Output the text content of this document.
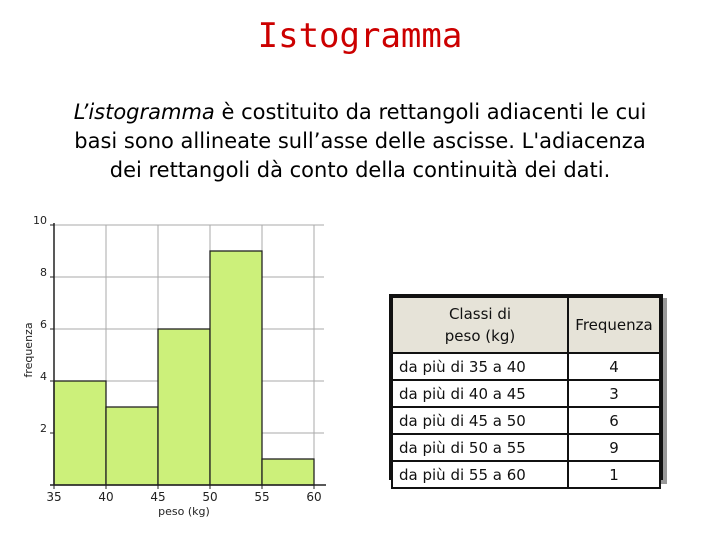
Istogramma
L’istogramma è costituito da rettangoli adiacenti le cui
basi sono allineate sull’asse delle ascisse. L'adiacenza
dei rettangoli dà conto della continuità dei dati.
2
4
6
8
10
35	40	45	50	55	60
peso (kg)
frequenza
Classi di
peso (kg)	Frequenza
da più di 35 a 40	4
da più di 40 a 45	3
da più di 45 a 50	6
da più di 50 a 55	9
da più di 55 a 60	1
